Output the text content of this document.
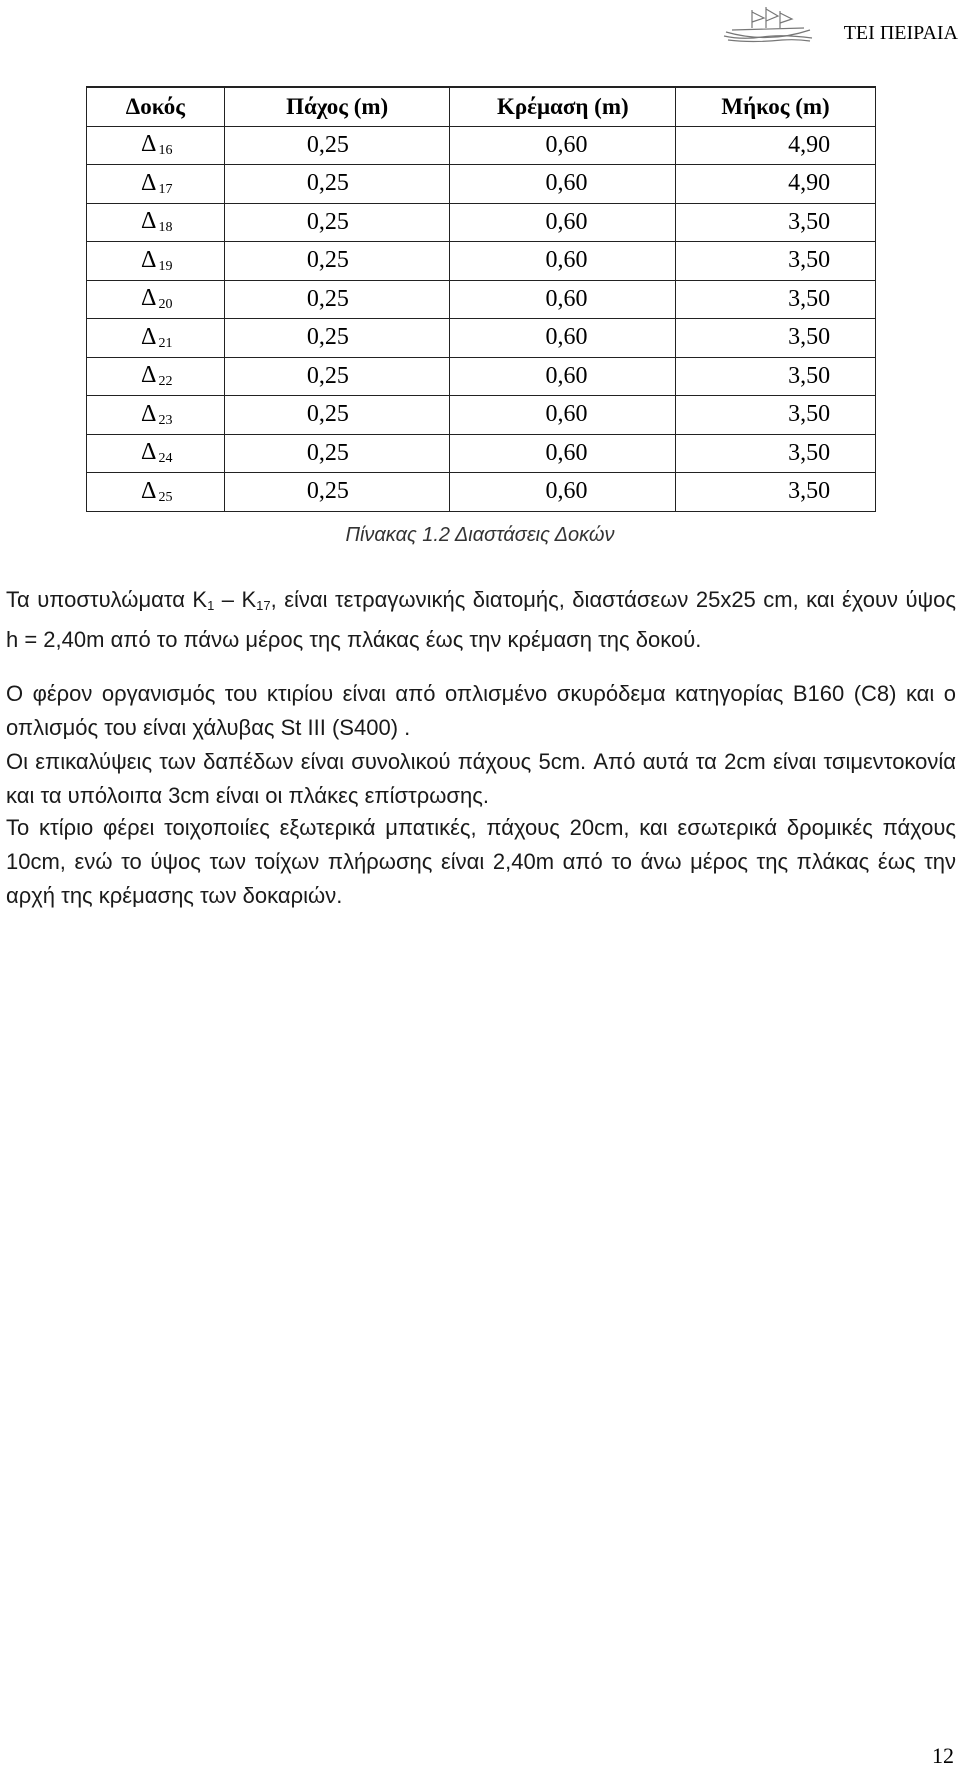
ΤΕΙ ΠΕΙΡΑΙΑ
Δοκός	Πάχος (m)	Κρέμαση (m)	Μήκος (m)
Δ $_{16}$	0,25	0,60	4,90
Δ $_{17}$	0,25	0,60	4,90
Δ $_{18}$	0,25	0,60	3,50
Δ $_{19}$	0,25	0,60	3,50
Δ $_{20}$	0,25	0,60	3,50
Δ $_{21}$	0,25	0,60	3,50
Δ $_{22}$	0,25	0,60	3,50
Δ $_{23}$	0,25	0,60	3,50
Δ $_{24}$	0,25	0,60	3,50
Δ $_{25}$	0,25	0,60	3,50
Πίνακας 1.2 Διαστάσεις Δοκών
Τα υποστυλώματα $K_1 - K_{17}$, είναι τετραγωνικής διατομής, διαστάσεων 25x25 cm, και έχουν ύψος h = 2,40m από το πάνω μέρος της πλάκας έως την κρέμαση της δοκού.
Ο φέρον οργανισμός του κτιρίου είναι από οπλισμένο σκυρόδεμα κατηγορίας B160 (C8) και ο οπλισμός του είναι χάλυβας St III (S400) .
Οι επικαλύψεις των δαπέδων είναι συνολικού πάχους 5cm. Από αυτά τα 2cm είναι τσιμεντοκονία και τα υπόλοιπα 3cm είναι οι πλάκες επίστρωσης.
Το κτίριο φέρει τοιχοποιίες εξωτερικά μπατικές, πάχους 20cm, και εσωτερικά δρομικές πάχους 10cm, ενώ το ύψος των τοίχων πλήρωσης είναι 2,40m από το άνω μέρος της πλάκας έως την αρχή της κρέμασης των δοκαριών.
12
